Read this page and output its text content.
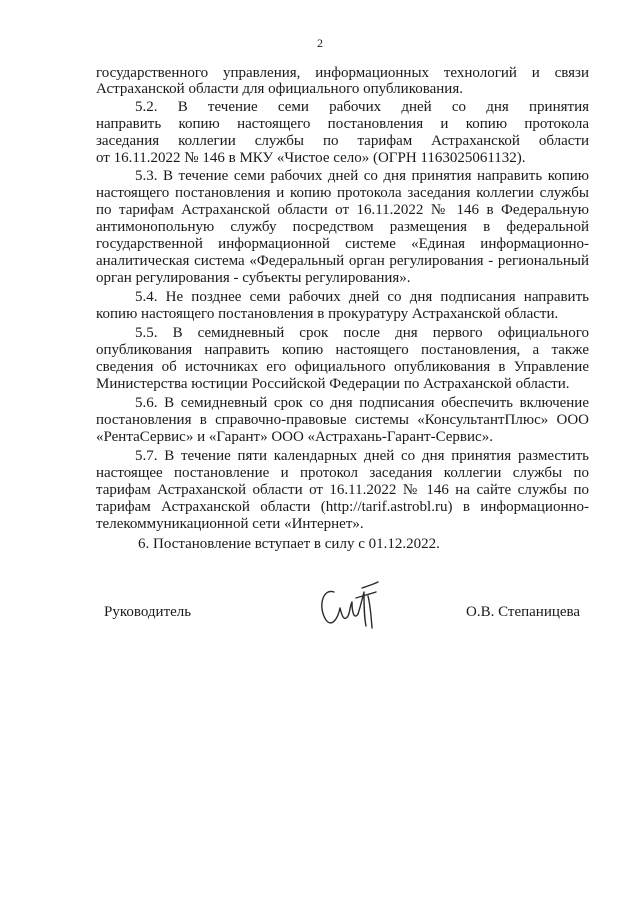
2
государственного управления, информационных технологий и связи
Астраханской области для официального опубликования.
5.2. В течение семи рабочих дней со дня принятия
направить копию настоящего постановления и копию протокола
заседания коллегии службы по тарифам Астраханской области
от 16.11.2022 № 146 в МКУ «Чистое село» (ОГРН 1163025061132).
5.3. В течение семи рабочих дней со дня принятия направить копию
настоящего постановления и копию протокола заседания коллегии службы
по тарифам Астраханской области от 16.11.2022 № 146 в Федеральную
антимонопольную службу посредством размещения в федеральной
государственной информационной системе «Единая информационно-
аналитическая система «Федеральный орган регулирования - региональный
орган регулирования - субъекты регулирования».
5.4. Не позднее семи рабочих дней со дня подписания направить
копию настоящего постановления в прокуратуру Астраханской области.
5.5. В семидневный срок после дня первого официального
опубликования направить копию настоящего постановления, а также
сведения об источниках его официального опубликования в Управление
Министерства юстиции Российской Федерации по Астраханской области.
5.6. В семидневный срок со дня подписания обеспечить включение
постановления в справочно-правовые системы «КонсультантПлюс» ООО
«РентаСервис» и «Гарант» ООО «Астрахань-Гарант-Сервис».
5.7. В течение пяти календарных дней со дня принятия разместить
настоящее постановление и протокол заседания коллегии службы по
тарифам Астраханской области от 16.11.2022 № 146 на сайте службы по
тарифам Астраханской области (http://tarif.astrobl.ru) в информационно-
телекоммуникационной сети «Интернет».
6. Постановление вступает в силу с 01.12.2022.
Руководитель	О.В. Степаницева
